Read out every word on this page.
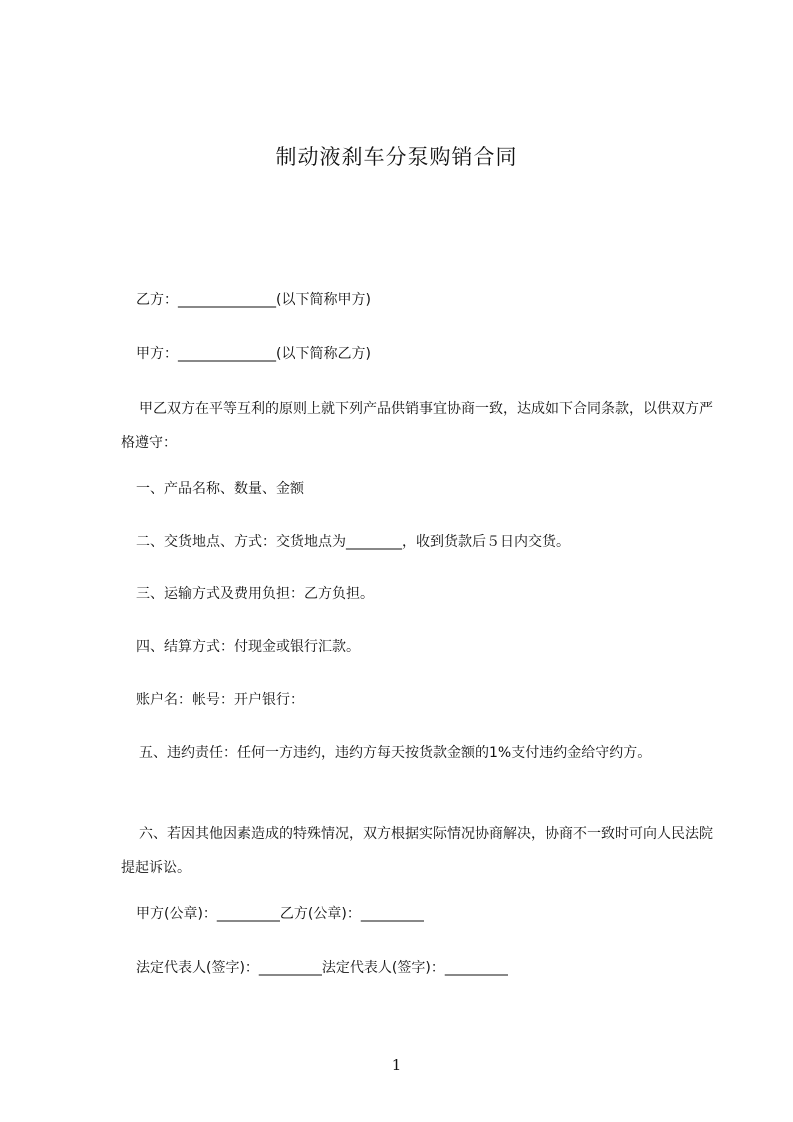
制动液刹车分泵购销合同
乙方：______________(以下简称甲方)
甲方：______________(以下简称乙方)
甲乙双方在平等互利的原则上就下列产品供销事宜协商一致，达成如下合同条款，以供双方严格遵守：
一、产品名称、数量、金额
二、交货地点、方式：交货地点为________，收到货款后５日内交货。
三、运输方式及费用负担：乙方负担。
四、结算方式：付现金或银行汇款。
账户名：帐号：开户银行：
五、违约责任：任何一方违约，违约方每天按货款金额的1%支付违约金给守约方。
六、若因其他因素造成的特殊情况，双方根据实际情况协商解决，协商不一致时可向人民法院提起诉讼。
甲方(公章)：_________乙方(公章)：_________
法定代表人(签字)：_________法定代表人(签字)：_________
1
